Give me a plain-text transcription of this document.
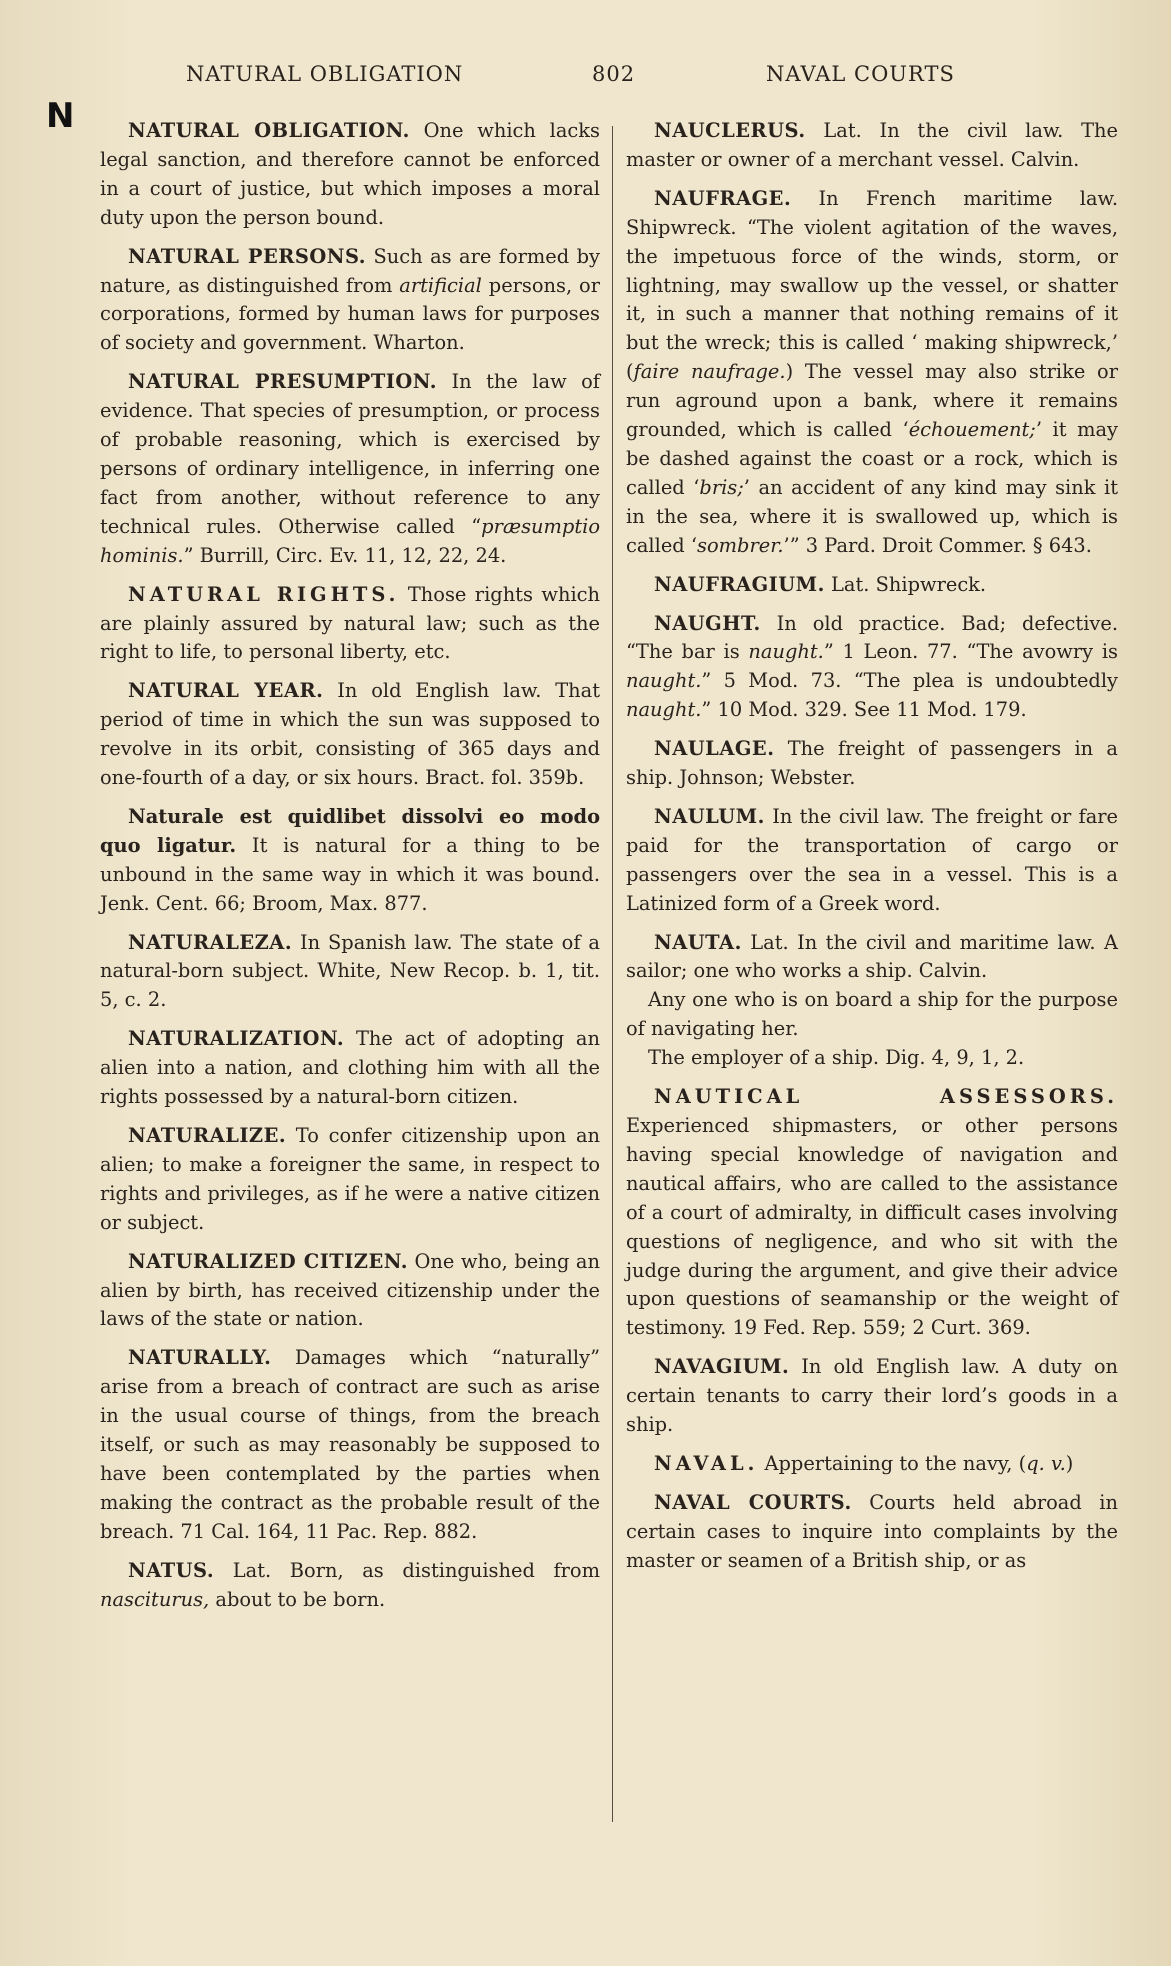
NATURAL OBLIGATION	802	NAVAL COURTS
N	NATURAL OBLIGATION. One which lacks legal sanction, and therefore cannot be enforced in a court of justice, but which imposes a moral duty upon the person bound.

NATURAL PERSONS. Such as are formed by nature, as distinguished from artificial persons, or corporations, formed by human laws for purposes of society and government. Wharton.

NATURAL PRESUMPTION. In the law of evidence. That species of presumption, or process of probable reasoning, which is exercised by persons of ordinary intelligence, in inferring one fact from another, without reference to any technical rules. Otherwise called “præsumptio hominis.” Burrill, Circ. Ev. 11, 12, 22, 24.

NATURAL RIGHTS. Those rights which are plainly assured by natural law; such as the right to life, to personal liberty, etc.

NATURAL YEAR. In old English law. That period of time in which the sun was supposed to revolve in its orbit, consisting of 365 days and one-fourth of a day, or six hours. Bract. fol. 359b.

Naturale est quidlibet dissolvi eo modo quo ligatur. It is natural for a thing to be unbound in the same way in which it was bound. Jenk. Cent. 66; Broom, Max. 877.

NATURALEZA. In Spanish law. The state of a natural-born subject. White, New Recop. b. 1, tit. 5, c. 2.

NATURALIZATION. The act of adopting an alien into a nation, and clothing him with all the rights possessed by a natural-born citizen.

NATURALIZE. To confer citizenship upon an alien; to make a foreigner the same, in respect to rights and privileges, as if he were a native citizen or subject.

NATURALIZED CITIZEN. One who, being an alien by birth, has received citizenship under the laws of the state or nation.

NATURALLY. Damages which “naturally” arise from a breach of contract are such as arise in the usual course of things, from the breach itself, or such as may reasonably be supposed to have been contemplated by the parties when making the contract as the probable result of the breach. 71 Cal. 164, 11 Pac. Rep. 882.

NATUS. Lat. Born, as distinguished from nasciturus, about to be born.

NAUCLERUS. Lat. In the civil law. The master or owner of a merchant vessel. Calvin.

NAUFRAGE. In French maritime law. Shipwreck. “The violent agitation of the waves, the impetuous force of the winds, storm, or lightning, may swallow up the vessel, or shatter it, in such a manner that nothing remains of it but the wreck; this is called ‘ making shipwreck,’ (faire naufrage.) The vessel may also strike or run aground upon a bank, where it remains grounded, which is called ‘échouement;’ it may be dashed against the coast or a rock, which is called ‘bris;’ an accident of any kind may sink it in the sea, where it is swallowed up, which is called ‘sombrer.’” 3 Pard. Droit Commer. § 643.

NAUFRAGIUM. Lat. Shipwreck.

NAUGHT. In old practice. Bad; defective. “The bar is naught.” 1 Leon. 77. “The avowry is naught.” 5 Mod. 73. “The plea is undoubtedly naught.” 10 Mod. 329. See 11 Mod. 179.

NAULAGE. The freight of passengers in a ship. Johnson; Webster.

NAULUM. In the civil law. The freight or fare paid for the transportation of cargo or passengers over the sea in a vessel. This is a Latinized form of a Greek word.

NAUTA. Lat. In the civil and maritime law. A sailor; one who works a ship. Calvin.

Any one who is on board a ship for the purpose of navigating her.

The employer of a ship. Dig. 4, 9, 1, 2.

NAUTICAL ASSESSORS. Experienced shipmasters, or other persons having special knowledge of navigation and nautical affairs, who are called to the assistance of a court of admiralty, in difficult cases involving questions of negligence, and who sit with the judge during the argument, and give their advice upon questions of seamanship or the weight of testimony. 19 Fed. Rep. 559; 2 Curt. 369.

NAVAGIUM. In old English law. A duty on certain tenants to carry their lord’s goods in a ship.

NAVAL. Appertaining to the navy, (q. v.)

NAVAL COURTS. Courts held abroad in certain cases to inquire into complaints by the master or seamen of a British ship, or as
